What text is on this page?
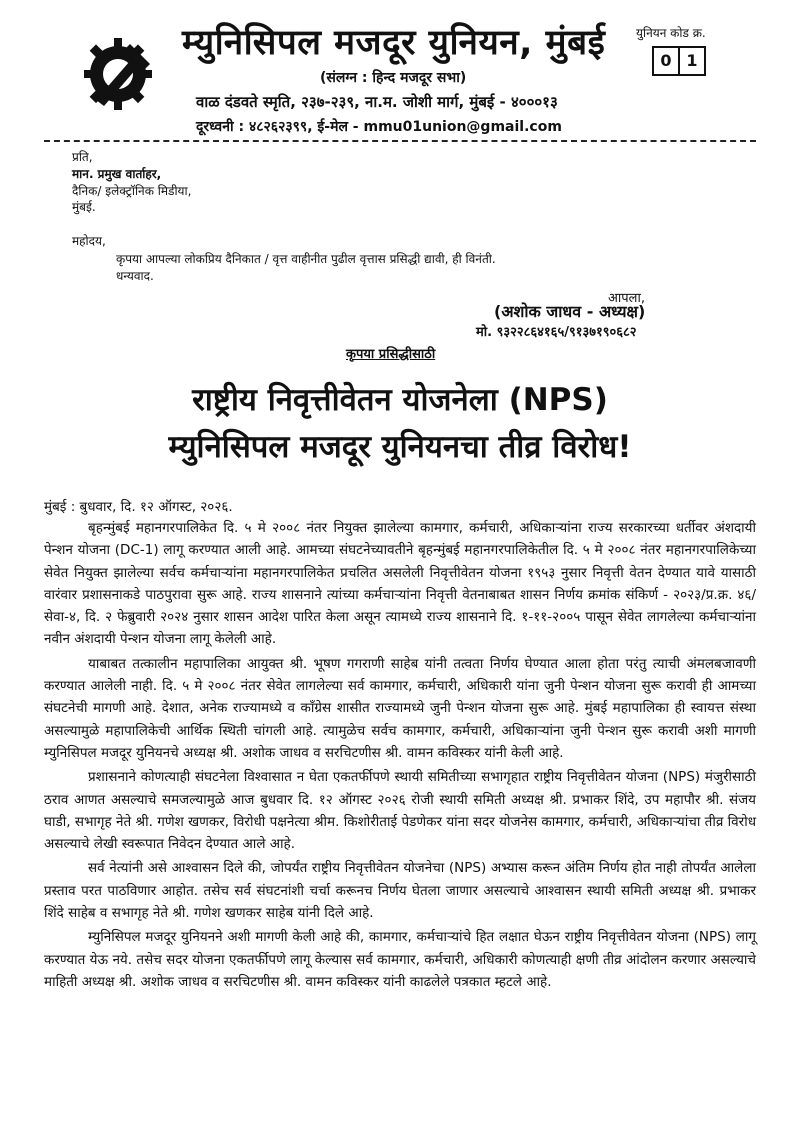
म्युनिसिपल मजदूर युनियन, मुंबई	युनियन कोड क्र.
0 1
(संलग्न : हिन्द मजदूर सभा)
वाळ दंडवते स्मृति, २३७-२३९, ना.म. जोशी मार्ग, मुंबई - ४०००१३
दूरध्वनी : ४८२६२३९९, ई-मेल - mmu01union@gmail.com
प्रति,
मान. प्रमुख वार्ताहर,
दैनिक/ इलेक्ट्रॉनिक मिडीया,
मुंबई.
महोदय,
कृपया आपल्या लोकप्रिय दैनिकात / वृत्त वाहीनीत पुढील वृत्तास प्रसिद्धी द्यावी, ही विनंती.
धन्यवाद.
आपला,
(अशोक जाधव - अध्यक्ष)
मो. ९३२२८६४१६५/९१३७१९०६८२
कृपया प्रसिद्धीसाठी
राष्ट्रीय निवृत्तीवेतन योजनेला (NPS)
म्युनिसिपल मजदूर युनियनचा तीव्र विरोध!
मुंबई : बुधवार, दि. १२ ऑगस्ट, २०२६.

बृहन्मुंबई महानगरपालिकेत दि. ५ मे २००८ नंतर नियुक्त झालेल्या कामगार, कर्मचारी, अधिकाऱ्यांना राज्य सरकारच्या धर्तीवर अंशदायी पेन्शन योजना (DC-1) लागू करण्यात आली आहे. आमच्या संघटनेच्यावतीने बृहन्मुंबई महानगरपालिकेतील दि. ५ मे २००८ नंतर महानगरपालिकेच्या सेवेत नियुक्त झालेल्या सर्वच कर्मचाऱ्यांना महानगरपालिकेत प्रचलित असलेली निवृत्तीवेतन योजना १९५३ नुसार निवृत्ती वेतन देण्यात यावे यासाठी वारंवार प्रशासनाकडे पाठपुरावा सुरू आहे. राज्य शासनाने त्यांच्या कर्मचाऱ्यांना निवृत्ती वेतनाबाबत शासन निर्णय क्रमांक संकिर्ण - २०२३/प्र.क्र. ४६/सेवा-४, दि. २ फेब्रुवारी २०२४ नुसार शासन आदेश पारित केला असून त्यामध्ये राज्य शासनाने दि. १-११-२००५ पासून सेवेत लागलेल्या कर्मचाऱ्यांना नवीन अंशदायी पेन्शन योजना लागू केलेली आहे.

याबाबत तत्कालीन महापालिका आयुक्त श्री. भूषण गगराणी साहेब यांनी तत्वता निर्णय घेण्यात आला होता परंतु त्याची अंमलबजावणी करण्यात आलेली नाही. दि. ५ मे २००८ नंतर सेवेत लागलेल्या सर्व कामगार, कर्मचारी, अधिकारी यांना जुनी पेन्शन योजना सुरू करावी ही आमच्या संघटनेची मागणी आहे. देशात, अनेक राज्यामध्ये व कॉंग्रेस शासीत राज्यामध्ये जुनी पेन्शन योजना सुरू आहे. मुंबई महापालिका ही स्वायत्त संस्था असल्यामुळे महापालिकेची आर्थिक स्थिती चांगली आहे. त्यामुळेच सर्वच कामगार, कर्मचारी, अधिकाऱ्यांना जुनी पेन्शन सुरू करावी अशी मागणी म्युनिसिपल मजदूर युनियनचे अध्यक्ष श्री. अशोक जाधव व सरचिटणीस श्री. वामन कविस्कर यांनी केली आहे.

प्रशासनाने कोणत्याही संघटनेला विश्वासात न घेता एकतर्फीपणे स्थायी समितीच्या सभागृहात राष्ट्रीय निवृत्तीवेतन योजना (NPS) मंजुरीसाठी ठराव आणत असल्याचे समजल्यामुळे आज बुधवार दि. १२ ऑगस्ट २०२६ रोजी स्थायी समिती अध्यक्ष श्री. प्रभाकर शिंदे, उप महापौर श्री. संजय घाडी, सभागृह नेते श्री. गणेश खणकर, विरोधी पक्षनेत्या श्रीम. किशोरीताई पेडणेकर यांना सदर योजनेस कामगार, कर्मचारी, अधिकाऱ्यांचा तीव्र विरोध असल्याचे लेखी स्वरूपात निवेदन देण्यात आले आहे.

सर्व नेत्यांनी असे आश्वासन दिले की, जोपर्यंत राष्ट्रीय निवृत्तीवेतन योजनेचा (NPS) अभ्यास करून अंतिम निर्णय होत नाही तोपर्यंत आलेला प्रस्ताव परत पाठविणार आहोत. तसेच सर्व संघटनांशी चर्चा करूनच निर्णय घेतला जाणार असल्याचे आश्वासन स्थायी समिती अध्यक्ष श्री. प्रभाकर शिंदे साहेब व सभागृह नेते श्री. गणेश खणकर साहेब यांनी दिले आहे.

म्युनिसिपल मजदूर युनियनने अशी मागणी केली आहे की, कामगार, कर्मचाऱ्यांचे हित लक्षात घेऊन राष्ट्रीय निवृत्तीवेतन योजना (NPS) लागू करण्यात येऊ नये. तसेच सदर योजना एकतर्फीपणे लागू केल्यास सर्व कामगार, कर्मचारी, अधिकारी कोणत्याही क्षणी तीव्र आंदोलन करणार असल्याचे माहिती अध्यक्ष श्री. अशोक जाधव व सरचिटणीस श्री. वामन कविस्कर यांनी काढलेले पत्रकात म्हटले आहे.
